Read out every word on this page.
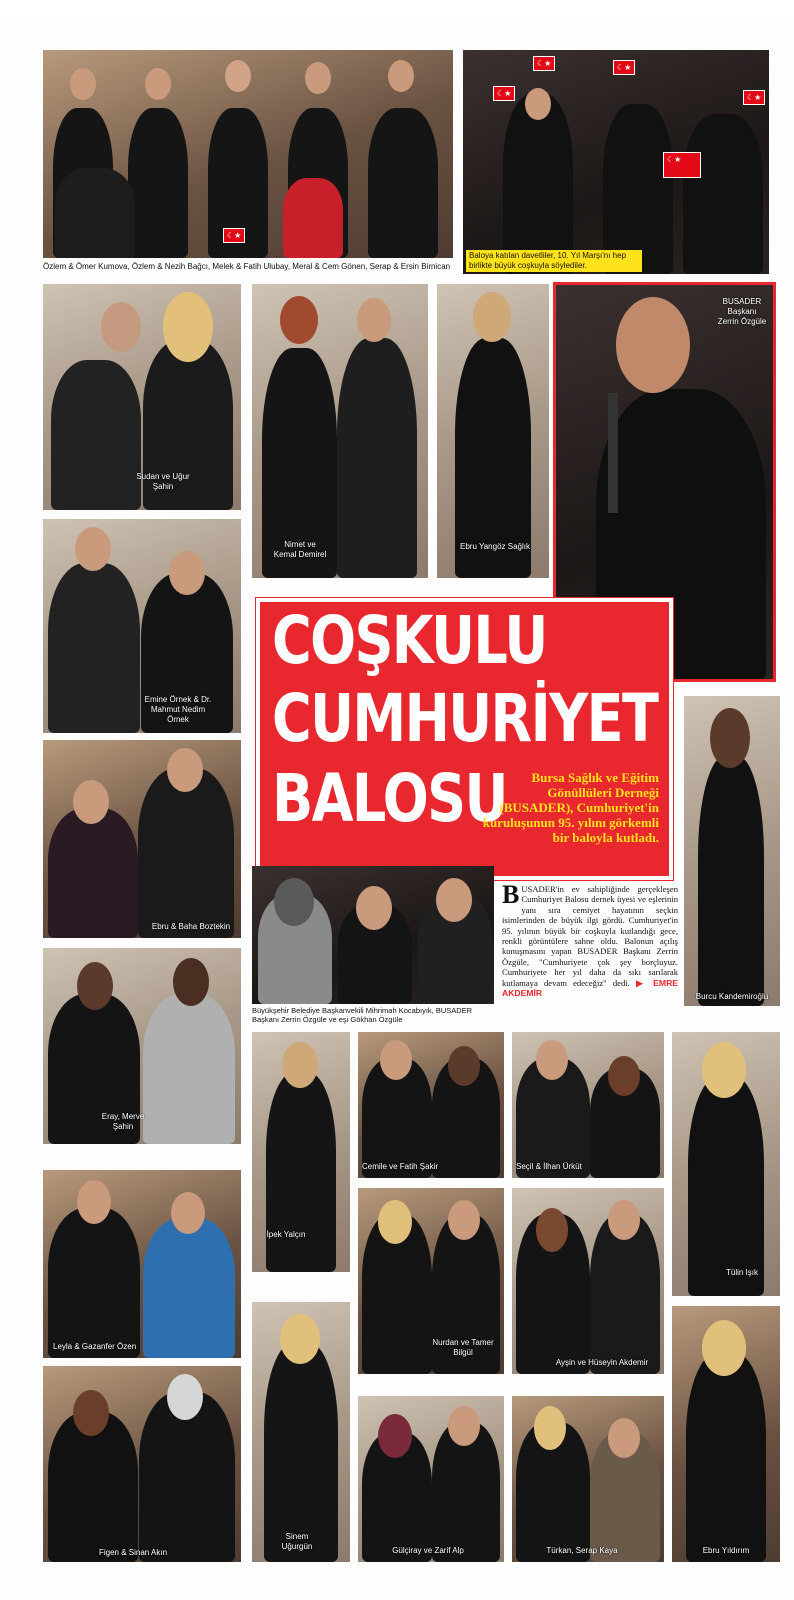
☾★
Özlem & Ömer Kumova, Özlem & Nezih Bağcı, Melek & Fatih Ulubay, Meral & Cem Gönen, Serap & Ersin Birnican
☾★
☾★
☾★
☾★
☾★
Baloya katılan davetliler, 10. Yıl Marşı'nı hep birlikte büyük coşkuyla söylediler.
Sudan ve Uğur Şahin
Nimet ve Kemal Demirel
Ebru Yangöz Sağlık
BUSADER Başkanı Zerrin Özgüle
Emine Örnek & Dr. Mahmut Nedim Örnek
COŞKULU
CUMHURİYET
BALOSU	Bursa Sağlık ve Eğitim Gönüllüleri Derneği (BUSADER), Cumhuriyet'in kuruluşunun 95. yılını görkemli bir baloyla kutladı.
Burcu Kandemiroğlu
Ebru & Baha Boztekin
Büyükşehir Belediye Başkanvekili Mihrimah Kocabıyık, BUSADER Başkanı Zerrin Özgüle ve eşi Gökhan Özgüle
BUSADER'in ev sahipliğinde gerçekleşen Cumhuriyet Balosu dernek üyesi ve eşlerinin yanı sıra cemiyet hayatının seçkin isimlerinden de büyük ilgi gördü. Cumhuriyet'in 95. yılının büyük bir coşkuyla kutlandığı gece, renkli görüntülere sahne oldu. Balonun açılış konuşmasını yapan BUSADER Başkanı Zerrin Özgüle, "Cumhuriyete çok şey borçluyuz. Cumhuriyete her yıl daha da sıkı sarılarak kutlamaya devam edeceğiz" dedi. ▶ EMRE AKDEMİR
Eray, Merve Şahin
İpek Yalçın
Cemile ve Fatih Şakir	Seçil & İlhan Ürküt
Tülin Işık
Leyla & Gazanfer Özen	Nurdan ve Tamer Bilgül
Ayşin ve Hüseyin Akdemir
Sinem Uğurgün
Figen & Sinan Akın	Gülçiray ve Zarif Alp	Türkan, Serap Kaya	Ebru Yıldırım
